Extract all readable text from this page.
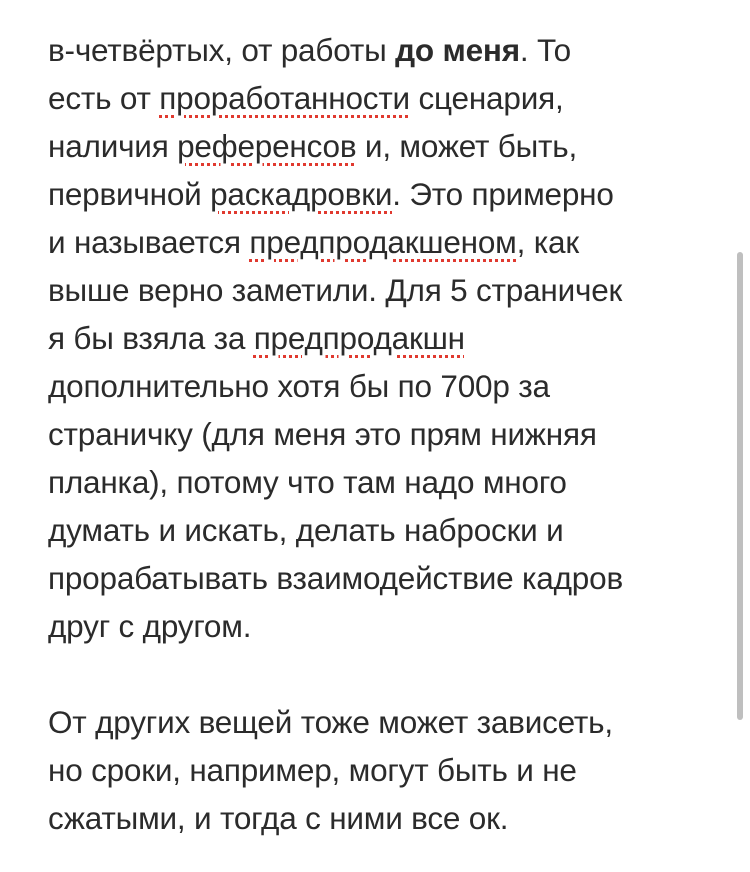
в-четвёртых, от работы до меня. То
есть от проработанности сценария,
наличия референсов и, может быть,
первичной раскадровки. Это примерно
и называется предпродакшеном, как
выше верно заметили. Для 5 страничек
я бы взяла за предпродакшн
дополнительно хотя бы по 700р за
страничку (для меня это прям нижняя
планка), потому что там надо много
думать и искать, делать наброски и
прорабатывать взаимодействие кадров
друг с другом.
От других вещей тоже может зависеть,
но сроки, например, могут быть и не
сжатыми, и тогда с ними все ок.
